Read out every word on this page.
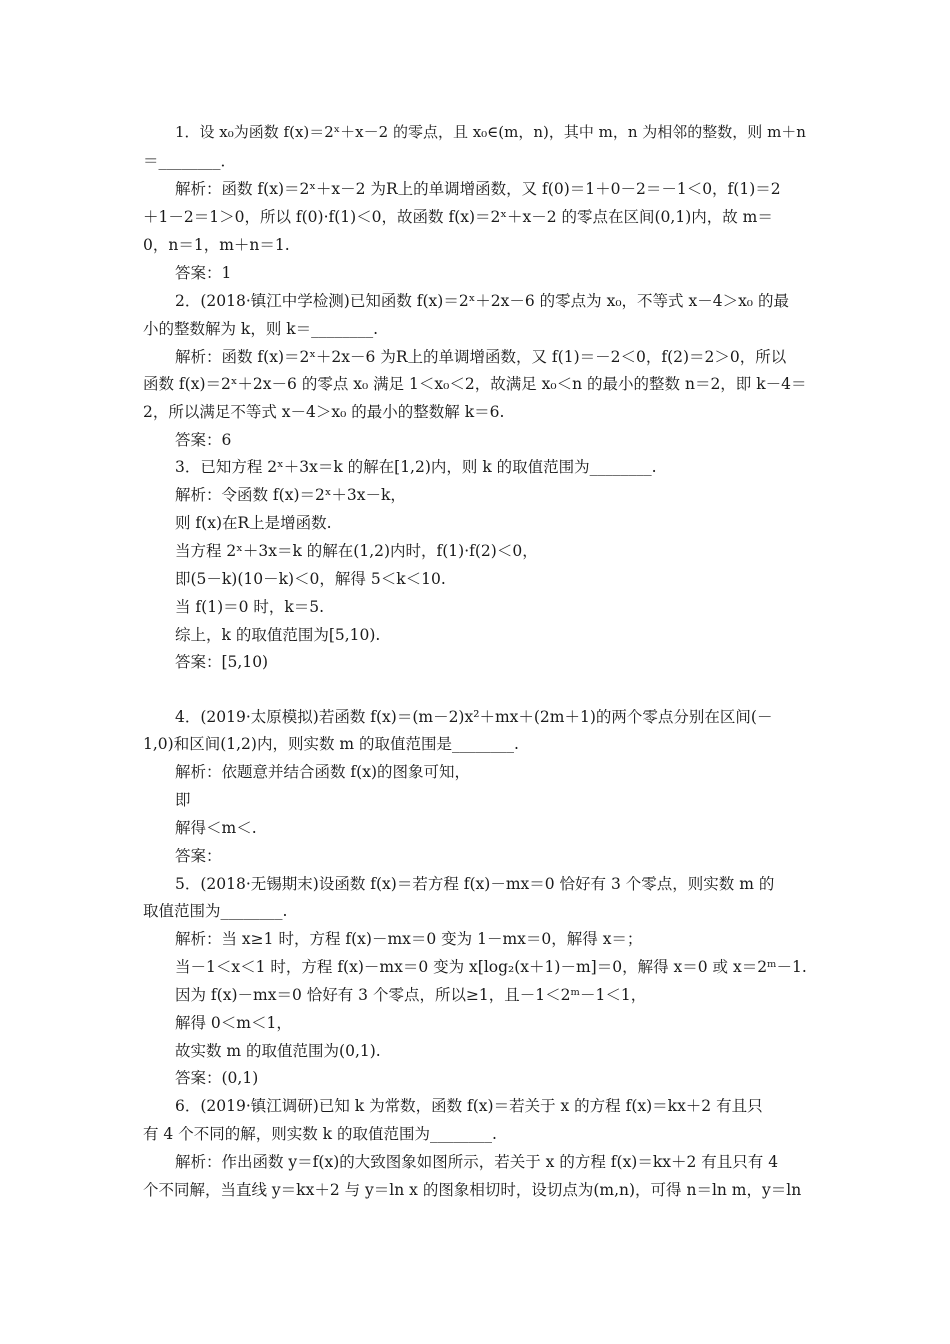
1．设 x₀为函数 f(x)＝2ˣ＋x－2 的零点，且 x₀∈(m，n)，其中 m，n 为相邻的整数，则 m＋n
＝________．
解析：函数 f(x)＝2ˣ＋x－2 为R上的单调增函数，又 f(0)＝1＋0－2＝－1＜0，f(1)＝2
＋1－2＝1＞0，所以 f(0)·f(1)＜0，故函数 f(x)＝2ˣ＋x－2 的零点在区间(0,1)内，故 m＝
0，n＝1，m＋n＝1.
答案：1
2．(2018·镇江中学检测)已知函数 f(x)＝2ˣ＋2x－6 的零点为 x₀，不等式 x－4＞x₀ 的最
小的整数解为 k，则 k＝________.
解析：函数 f(x)＝2ˣ＋2x－6 为R上的单调增函数，又 f(1)＝－2＜0，f(2)＝2＞0，所以
函数 f(x)＝2ˣ＋2x－6 的零点 x₀ 满足 1＜x₀＜2，故满足 x₀＜n 的最小的整数 n＝2，即 k－4＝
2，所以满足不等式 x－4＞x₀ 的最小的整数解 k＝6.
答案：6
3．已知方程 2ˣ＋3x＝k 的解在[1,2)内，则 k 的取值范围为________.
解析：令函数 f(x)＝2ˣ＋3x－k，
则 f(x)在R上是增函数.
当方程 2ˣ＋3x＝k 的解在(1,2)内时，f(1)·f(2)＜0，
即(5－k)(10－k)＜0，解得 5＜k＜10.
当 f(1)＝0 时，k＝5.
综上，k 的取值范围为[5,10).
答案：[5,10)
4．(2019·太原模拟)若函数 f(x)＝(m－2)x²＋mx＋(2m＋1)的两个零点分别在区间(－
1,0)和区间(1,2)内，则实数 m 的取值范围是________.
解析：依题意并结合函数 f(x)的图象可知，
即
解得＜m＜.
答案：
5．(2018·无锡期末)设函数 f(x)＝若方程 f(x)－mx＝0 恰好有 3 个零点，则实数 m 的
取值范围为________.
解析：当 x≥1 时，方程 f(x)－mx＝0 变为 1－mx＝0，解得 x＝；
当－1＜x＜1 时，方程 f(x)－mx＝0 变为 x[log₂(x＋1)－m]＝0，解得 x＝0 或 x＝2ᵐ－1.
因为 f(x)－mx＝0 恰好有 3 个零点，所以≥1，且－1＜2ᵐ－1＜1，
解得 0＜m＜1，
故实数 m 的取值范围为(0,1).
答案：(0,1)
6．(2019·镇江调研)已知 k 为常数，函数 f(x)＝若关于 x 的方程 f(x)＝kx＋2 有且只
有 4 个不同的解，则实数 k 的取值范围为________.
解析：作出函数 y＝f(x)的大致图象如图所示，若关于 x 的方程 f(x)＝kx＋2 有且只有 4
个不同解，当直线 y＝kx＋2 与 y＝ln x 的图象相切时，设切点为(m,n)，可得 n＝ln m，y＝ln
